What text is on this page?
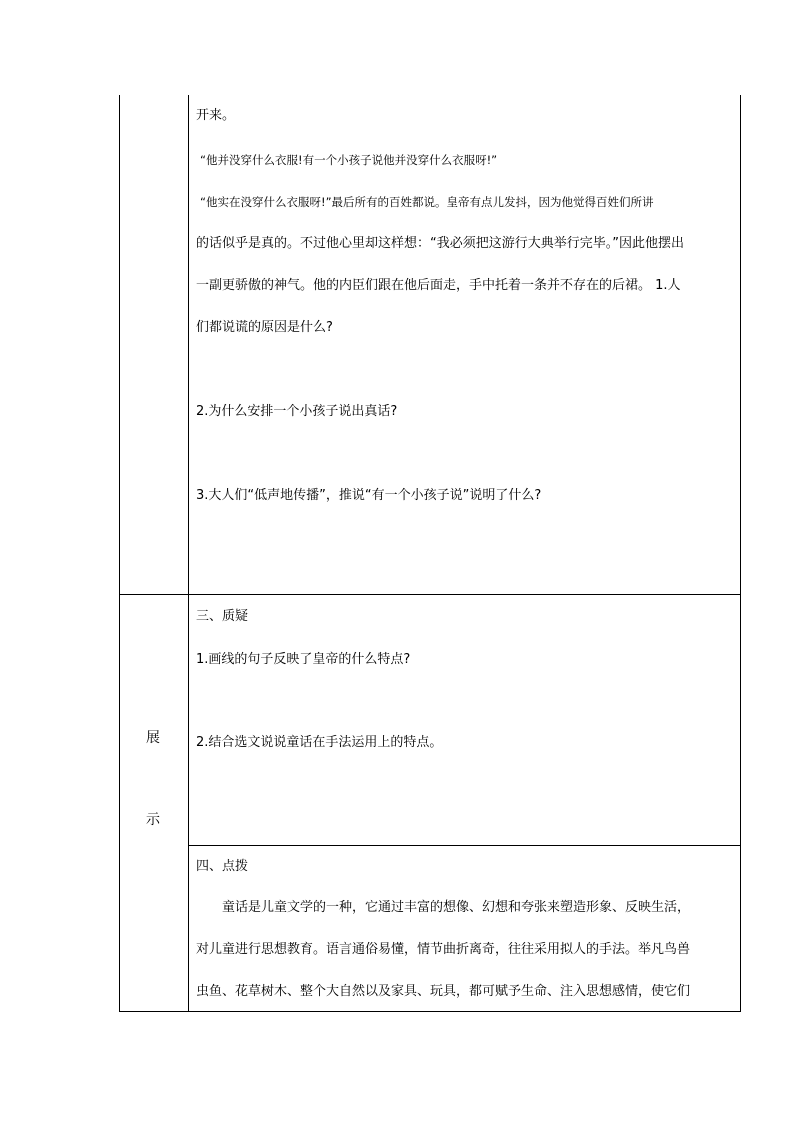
开来。
“他并没穿什么衣服!有一个小孩子说他并没穿什么衣服呀!”
“他实在没穿什么衣服呀!”最后所有的百姓都说。皇帝有点儿发抖，因为他觉得百姓们所讲
的话似乎是真的。不过他心里却这样想：“我必须把这游行大典举行完毕。”因此他摆出
一副更骄傲的神气。他的内臣们跟在他后面走，手中托着一条并不存在的后裙。 1.人
们都说谎的原因是什么?
2.为什么安排一个小孩子说出真话?
3.大人们“低声地传播”，推说“有一个小孩子说”说明了什么?
展
示
三、质疑
1.画线的句子反映了皇帝的什么特点?
2.结合选文说说童话在手法运用上的特点。
四、点拨
童话是儿童文学的一种，它通过丰富的想像、幻想和夸张来塑造形象、反映生活，
对儿童进行思想教育。语言通俗易懂，情节曲折离奇，往往采用拟人的手法。举凡鸟兽
虫鱼、花草树木、整个大自然以及家具、玩具，都可赋予生命、注入思想感情，使它们
